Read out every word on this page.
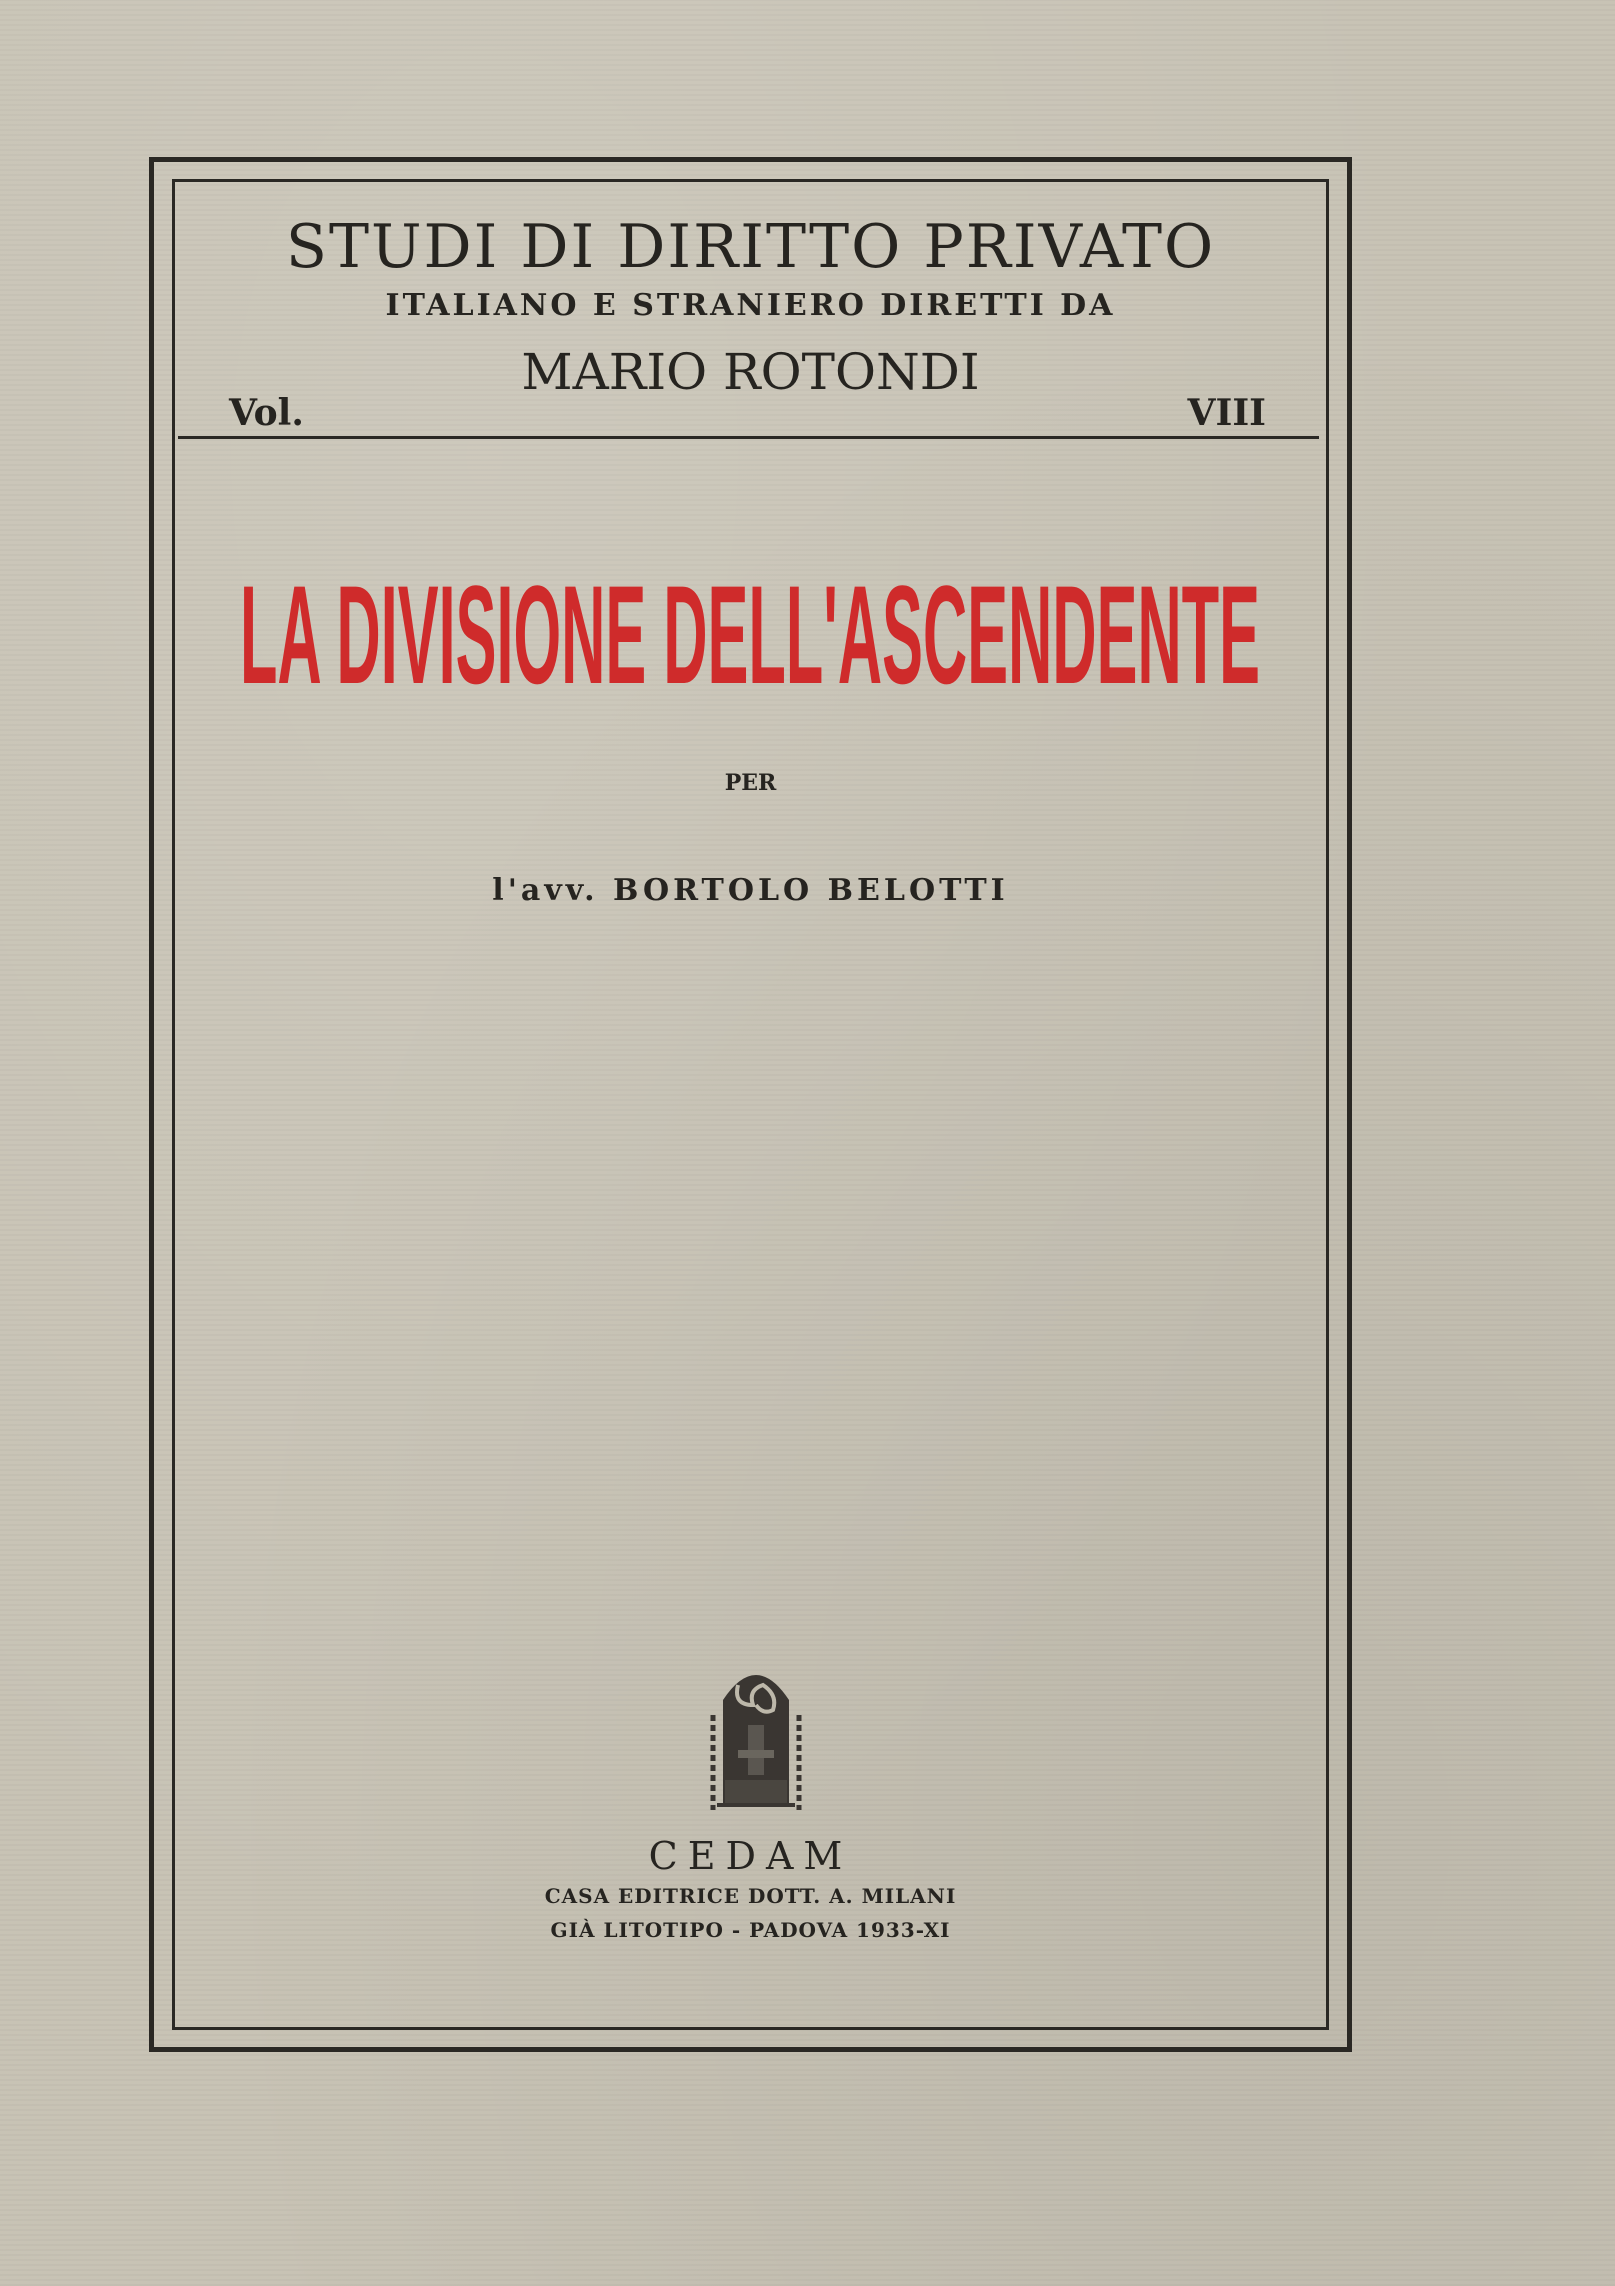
STUDI DI DIRITTO PRIVATO
ITALIANO E STRANIERO DIRETTI DA
MARIO ROTONDI
Vol.	VIII
LA DIVISIONE DELL'ASCENDENTE
PER
l'avv. BORTOLO BELOTTI
CEDAM
CASA EDITRICE DOTT. A. MILANI
GIÀ LITOTIPO - PADOVA 1933-XI
